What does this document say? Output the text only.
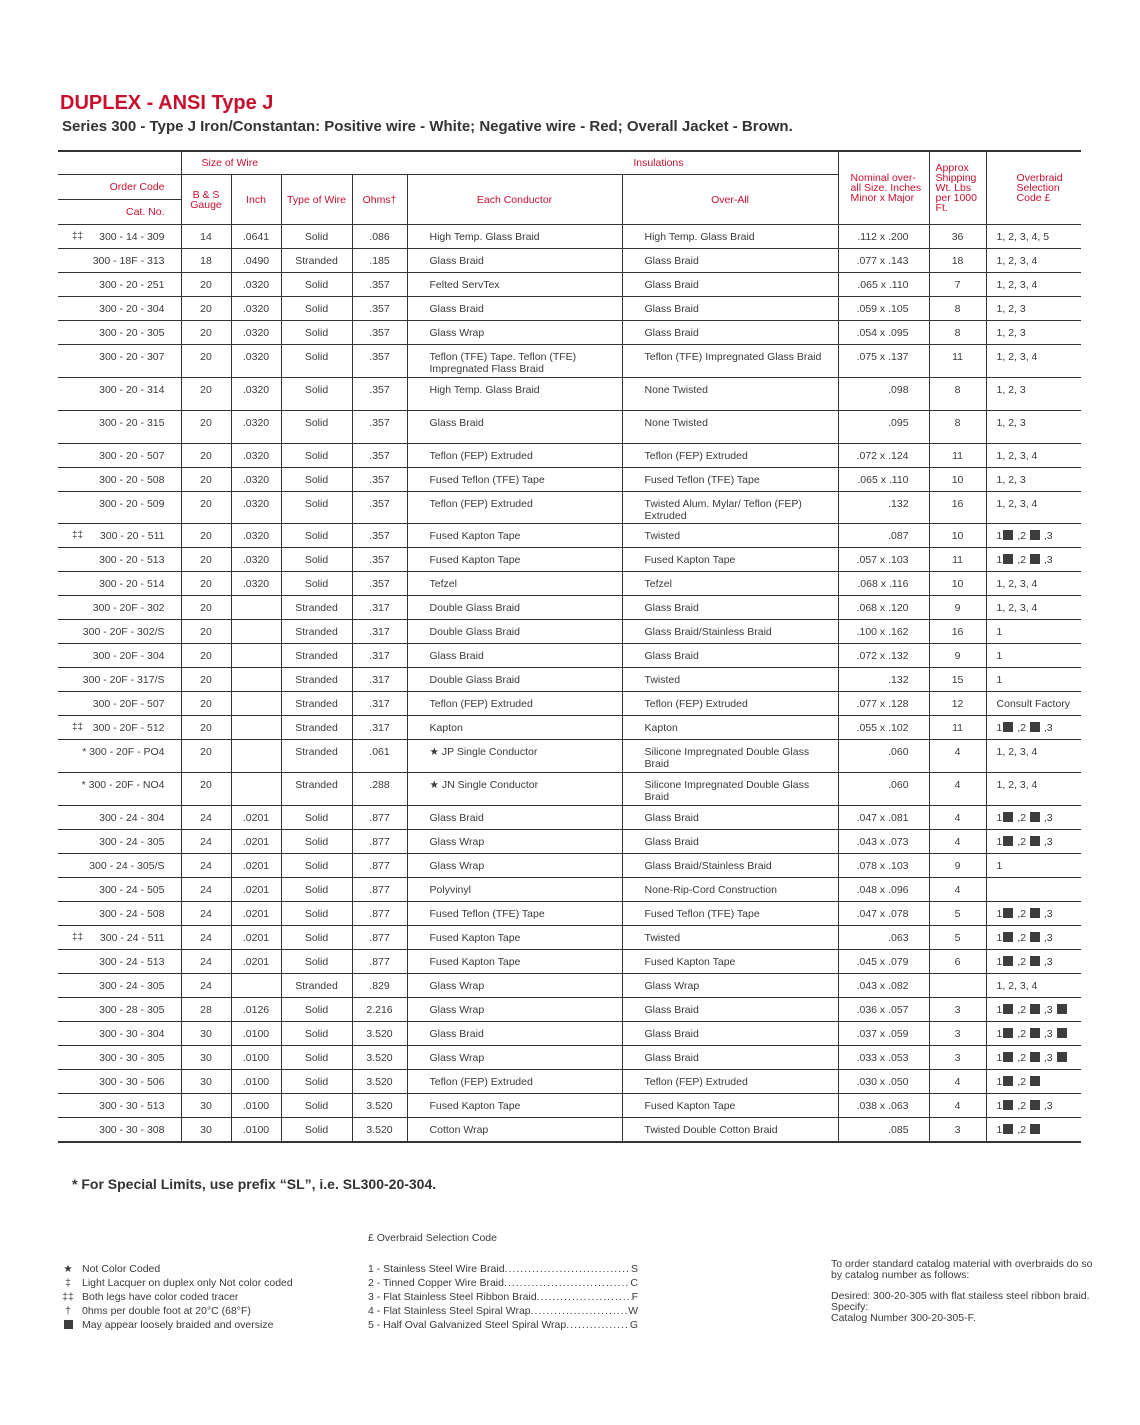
DUPLEX - ANSI Type J
Series 300 - Type J Iron/Constantan: Positive wire - White; Negative wire - Red; Overall Jacket - Brown.
	Size of Wire				Insulations		Nominal over-all Size. Inches Minor x Major	Approx Shipping Wt. Lbs per 1000 Ft.	Overbraid Selection Code £
Order Code	B & S Gauge	Inch	Type of Wire	Ohms†	Each Conductor	Over-All			
Cat. No.									

‡‡ 300 - 14 - 309	14	.0641	Solid	.086	High Temp. Glass Braid	High Temp. Glass Braid	.112 x .200	36	1, 2, 3, 4, 5
300 - 18F - 313	18	.0490	Stranded	.185	Glass Braid	Glass Braid	.077 x .143	18	1, 2, 3, 4
300 - 20 - 251	20	.0320	Solid	.357	Felted ServTex	Glass Braid	.065 x .110	7	1, 2, 3, 4
300 - 20 - 304	20	.0320	Solid	.357	Glass Braid	Glass Braid	.059 x .105	8	1, 2, 3
300 - 20 - 305	20	.0320	Solid	.357	Glass Wrap	Glass Braid	.054 x .095	8	1, 2, 3
300 - 20 - 307	20	.0320	Solid	.357	Teflon (TFE) Tape. Teflon (TFE) Impregnated Flass Braid	Teflon (TFE) Impregnated Glass Braid	.075 x .137	11	1, 2, 3, 4
300 - 20 - 314	20	.0320	Solid	.357	High Temp. Glass Braid	None Twisted	.098	8	1, 2, 3
300 - 20 - 315	20	.0320	Solid	.357	Glass Braid	None Twisted	.095	8	1, 2, 3
300 - 20 - 507	20	.0320	Solid	.357	Teflon (FEP) Extruded	Teflon (FEP) Extruded	.072 x .124	11	1, 2, 3, 4
300 - 20 - 508	20	.0320	Solid	.357	Fused Teflon (TFE) Tape	Fused Teflon (TFE) Tape	.065 x .110	10	1, 2, 3
300 - 20 - 509	20	.0320	Solid	.357	Teflon (FEP) Extruded	Twisted Alum. Mylar/ Teflon (FEP) Extruded	.132	16	1, 2, 3, 4

‡‡ 300 - 20 - 511	20	.0320	Solid	.357	Fused Kapton Tape	Twisted	.087	10	1 ,2  ,3
300 - 20 - 513	20	.0320	Solid	.357	Fused Kapton Tape	Fused Kapton Tape	.057 x .103	11	1 ,2  ,3
300 - 20 - 514	20	.0320	Solid	.357	Tefzel	Tefzel	.068 x .116	10	1, 2, 3, 4
300 - 20F - 302	20		Stranded	.317	Double Glass Braid	Glass Braid	.068 x .120	9	1, 2, 3, 4
300 - 20F - 302/S	20		Stranded	.317	Double Glass Braid	Glass Braid/Stainless Braid	.100 x .162	16	1
300 - 20F - 304	20		Stranded	.317	Glass Braid	Glass Braid	.072 x .132	9	1
300 - 20F - 317/S	20		Stranded	.317	Double Glass Braid	Twisted	.132	15	1
300 - 20F - 507	20		Stranded	.317	Teflon (FEP) Extruded	Teflon (FEP) Extruded	.077 x .128	12	Consult Factory

‡‡ 300 - 20F - 512	20		Stranded	.317	Kapton	Kapton	.055 x .102	11	1 ,2  ,3
* 300 - 20F - PO4	20		Stranded	.061	★ JP Single Conductor	Silicone Impregnated Double Glass Braid	.060	4	1, 2, 3, 4
* 300 - 20F - NO4	20		Stranded	.288	★ JN Single Conductor	Silicone Impregnated Double Glass Braid	.060	4	1, 2, 3, 4
300 - 24 - 304	24	.0201	Solid	.877	Glass Braid	Glass Braid	.047 x .081	4	1 ,2  ,3
300 - 24 - 305	24	.0201	Solid	.877	Glass Wrap	Glass Braid	.043 x .073	4	1 ,2  ,3
300 - 24 - 305/S	24	.0201	Solid	.877	Glass Wrap	Glass Braid/Stainless Braid	.078 x .103	9	1
300 - 24 - 505	24	.0201	Solid	.877	Polyvinyl	None-Rip-Cord Construction	.048 x .096	4	
300 - 24 - 508	24	.0201	Solid	.877	Fused Teflon (TFE) Tape	Fused Teflon (TFE) Tape	.047 x .078	5	1 ,2  ,3

‡‡ 300 - 24 - 511	24	.0201	Solid	.877	Fused Kapton Tape	Twisted	.063	5	1 ,2  ,3
300 - 24 - 513	24	.0201	Solid	.877	Fused Kapton Tape	Fused Kapton Tape	.045 x .079	6	1 ,2  ,3
300 - 24 - 305	24		Stranded	.829	Glass Wrap	Glass Wrap	.043 x .082		1, 2, 3, 4
300 - 28 - 305	28	.0126	Solid	2.216	Glass Wrap	Glass Braid	.036 x .057	3	1 ,2  ,3
300 - 30 - 304	30	.0100	Solid	3.520	Glass Braid	Glass Braid	.037 x .059	3	1 ,2  ,3
300 - 30 - 305	30	.0100	Solid	3.520	Glass Wrap	Glass Braid	.033 x .053	3	1 ,2  ,3
300 - 30 - 506	30	.0100	Solid	3.520	Teflon (FEP) Extruded	Teflon (FEP) Extruded	.030 x .050	4	1 ,2
300 - 30 - 513	30	.0100	Solid	3.520	Fused Kapton Tape	Fused Kapton Tape	.038 x .063	4	1 ,2  ,3
300 - 30 - 308	30	.0100	Solid	3.520	Cotton Wrap	Twisted Double Cotton Braid	.085	3	1 ,2
* For Special Limits, use prefix “SL”, i.e. SL300-20-304.
★ Not Color Coded
‡ Light Lacquer on duplex only Not color coded
‡‡ Both legs have color coded tracer
† 0hms per double foot at 20°C (68°F)
May appear loosely braided and oversize
£ Overbraid Selection Code
1 - Stainless Steel Wire Braid .....	S
2 - Tinned Copper Wire Braid .....	C
3 - Flat Stainless Steel Ribbon Braid .....	F
4 - Flat Stainless Steel Spiral Wrap .....	W
5 - Half Oval Galvanized Steel Spiral Wrap .....	G

To order standard catalog material with overbraids do so by catalog number as follows:

Desired: 300-20-305 with flat stailess steel ribbon braid. Specify:

Catalog Number 300-20-305-F.
